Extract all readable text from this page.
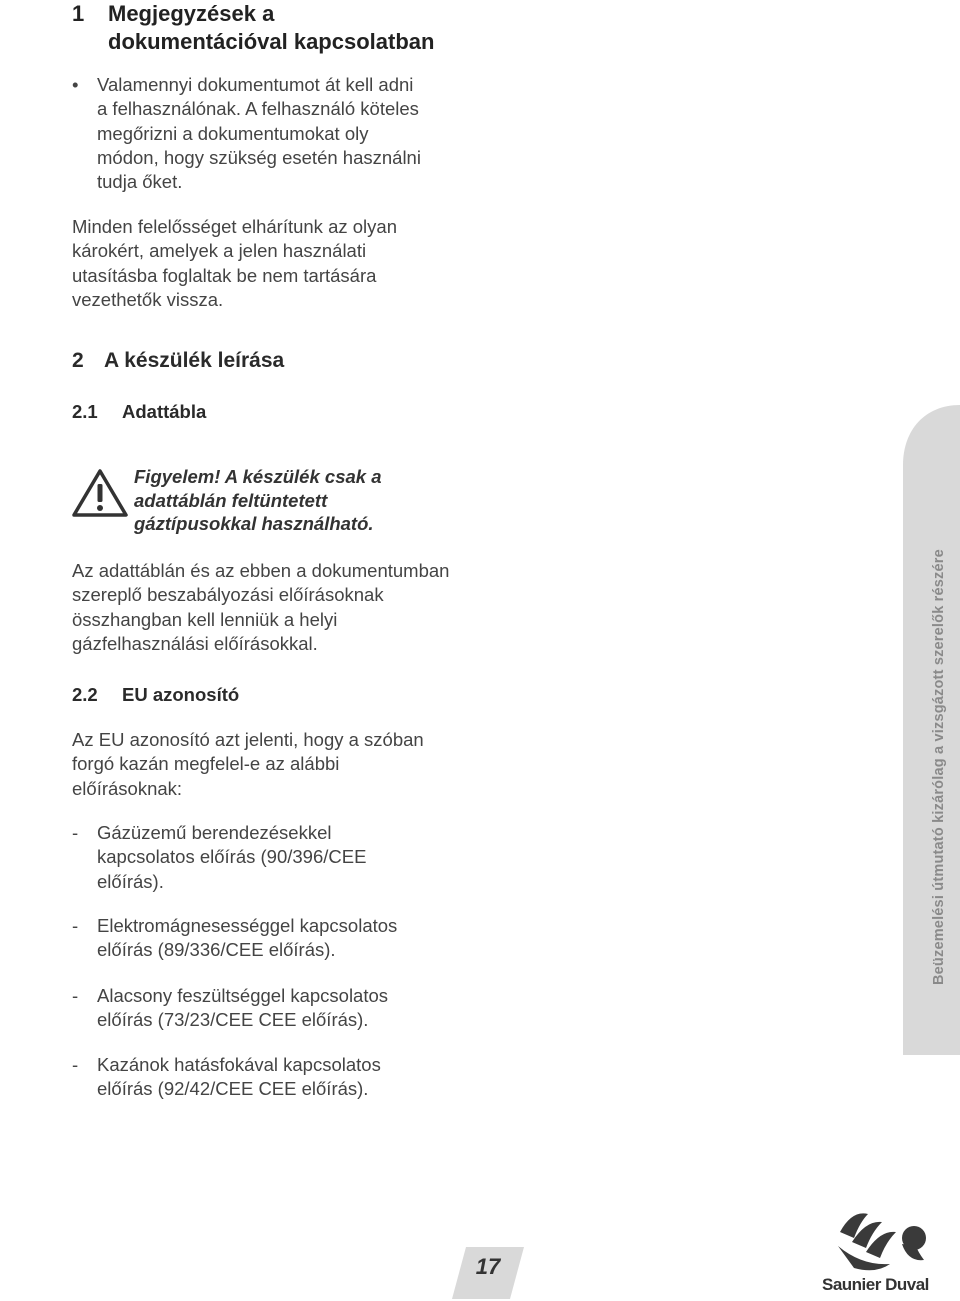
1 Megjegyzések a
dokumentációval kapcsolatban
• Valamennyi dokumentumot át kell adni
a felhasználónak. A felhasználó köteles
megőrizni a dokumentumokat oly
módon, hogy szükség esetén használni
tudja őket.
Minden felelősséget elhárítunk az olyan károkért, amelyek a jelen használati utasításba foglaltak be nem tartására vezethetők vissza.
2 A készülék leírása
2.1 Adattábla
Figyelem! A készülék csak a adattáblán feltüntetett gáztípusokkal használható.
Az adattáblán és az ebben a dokumentumban szereplő beszabályozási előírásoknak összhangban kell lenniük a helyi gázfelhasználási előírásokkal.
2.2 EU azonosító
Az EU azonosító azt jelenti, hogy a szóban forgó kazán megfelel-e az alábbi előírásoknak:
- Gázüzemű berendezésekkel kapcsolatos előírás (90/396/CEE előírás).
- Elektromágnesességgel kapcsolatos előírás (89/336/CEE előírás).
- Alacsony feszültséggel kapcsolatos előírás (73/23/CEE CEE előírás).
- Kazánok hatásfokával kapcsolatos előírás (92/42/CEE CEE előírás).
Beüzemelési útmutató kizárólag a vizsgázott szerelők részére
17
Saunier Duval
